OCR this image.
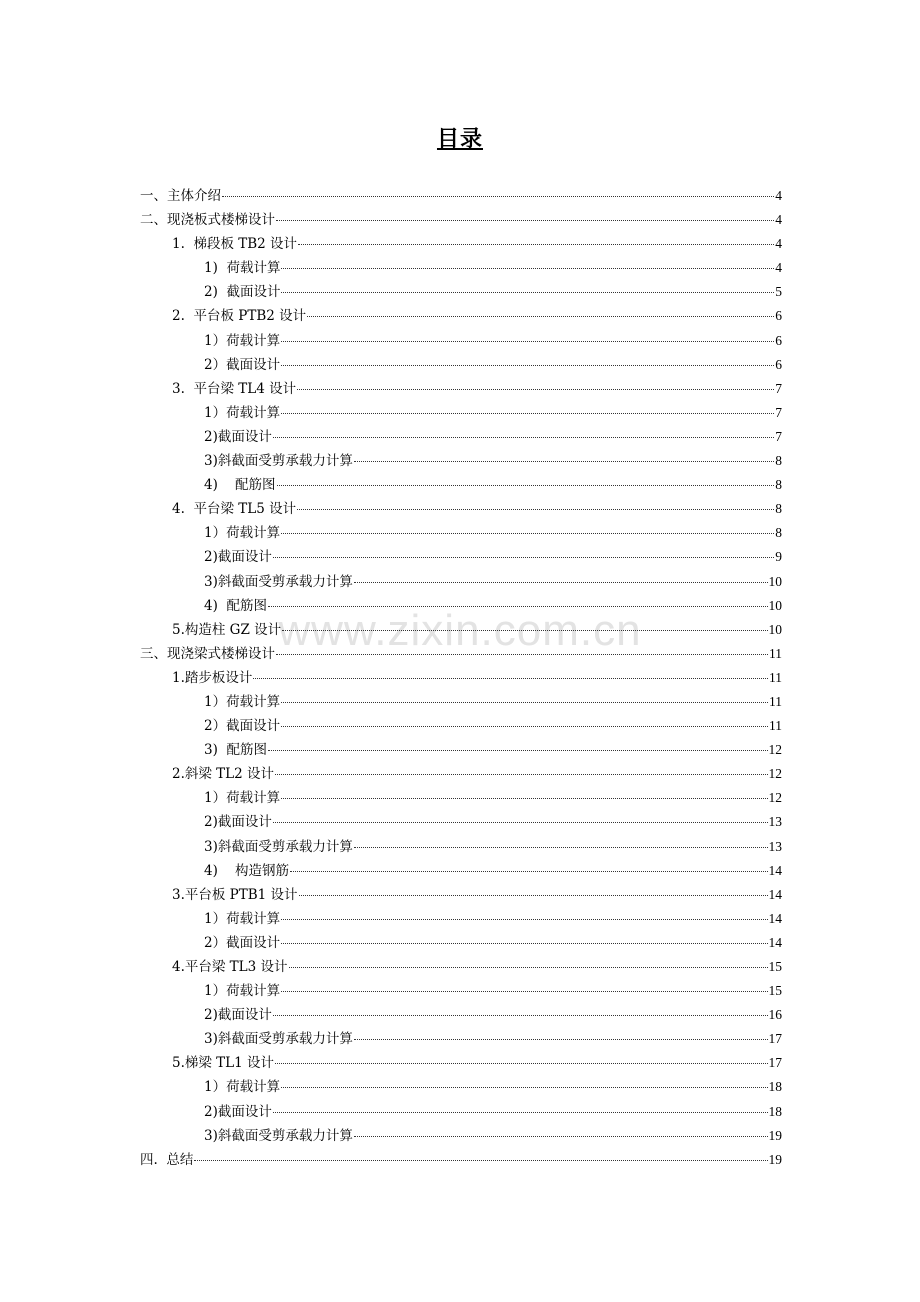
www.zixin.com.cn
目录
一、主体介绍	4
二、现浇板式楼梯设计	4
1.  梯段板 TB2 设计	4
1)  荷载计算	4
2)  截面设计	5
2.  平台板 PTB2 设计	6
1）荷载计算	6
2）截面设计	6
3.  平台梁 TL4 设计	7
1）荷载计算	7
2)截面设计	7
3)斜截面受剪承载力计算	8
4)    配筋图	8
4.  平台梁 TL5 设计	8
1）荷载计算	8
2)截面设计	9
3)斜截面受剪承载力计算	10
4)  配筋图	10
5.构造柱 GZ 设计	10
三、现浇梁式楼梯设计	11
1.踏步板设计	11
1）荷载计算	11
2）截面设计	11
3)  配筋图	12
2.斜梁 TL2 设计	12
1）荷载计算	12
2)截面设计	13
3)斜截面受剪承载力计算	13
4)    构造钢筋	14
3.平台板 PTB1 设计	14
1）荷载计算	14
2）截面设计	14
4.平台梁 TL3 设计	15
1）荷载计算	15
2)截面设计	16
3)斜截面受剪承载力计算	17
5.梯梁 TL1 设计	17
1）荷载计算	18
2)截面设计	18
3)斜截面受剪承载力计算	19
四.  总结	19
